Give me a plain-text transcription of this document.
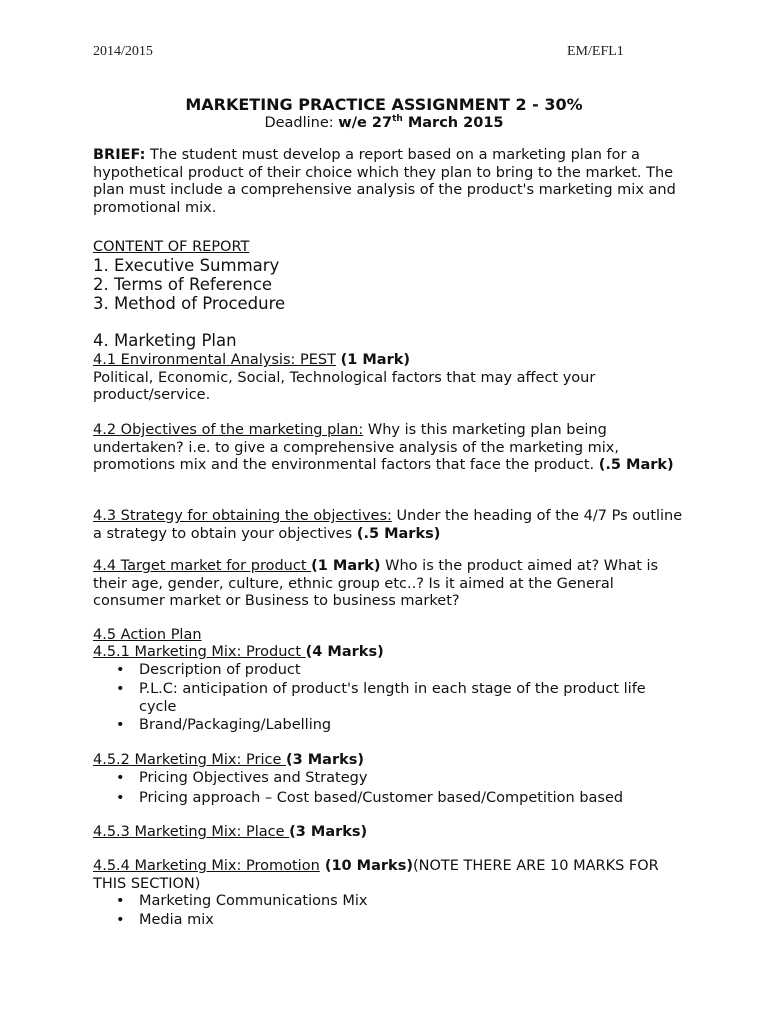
2014/2015	EM/EFL1
MARKETING PRACTICE ASSIGNMENT 2 - 30%
Deadline: w/e 27th March 2015
BRIEF: The student must develop a report based on a marketing plan for a hypothetical product of their choice which they plan to bring to the market. The plan must include a comprehensive analysis of the product's marketing mix and promotional mix.
CONTENT OF REPORT
1. Executive Summary
2. Terms of Reference
3. Method of Procedure
4. Marketing Plan
4.1 Environmental Analysis: PEST (1 Mark)
Political, Economic, Social, Technological factors that may affect your product/service.
4.2 Objectives of the marketing plan: Why is this marketing plan being undertaken? i.e. to give a comprehensive analysis of the marketing mix, promotions mix and the environmental factors that face the product. (.5 Mark)
4.3 Strategy for obtaining the objectives: Under the heading of the 4/7 Ps outline a strategy to obtain your objectives (.5 Marks)
4.4 Target market for product (1 Mark) Who is the product aimed at? What is their age, gender, culture, ethnic group etc..? Is it aimed at the General consumer market or Business to business market?
4.5 Action Plan
4.5.1 Marketing Mix: Product (4 Marks)
• Description of product
• P.L.C: anticipation of product's length in each stage of the product life cycle
• Brand/Packaging/Labelling
4.5.2 Marketing Mix: Price (3 Marks)
• Pricing Objectives and Strategy
• Pricing approach – Cost based/Customer based/Competition based
4.5.3 Marketing Mix: Place (3 Marks)
4.5.4 Marketing Mix: Promotion (10 Marks)(NOTE THERE ARE 10 MARKS FOR THIS SECTION)
• Marketing Communications Mix
• Media mix
